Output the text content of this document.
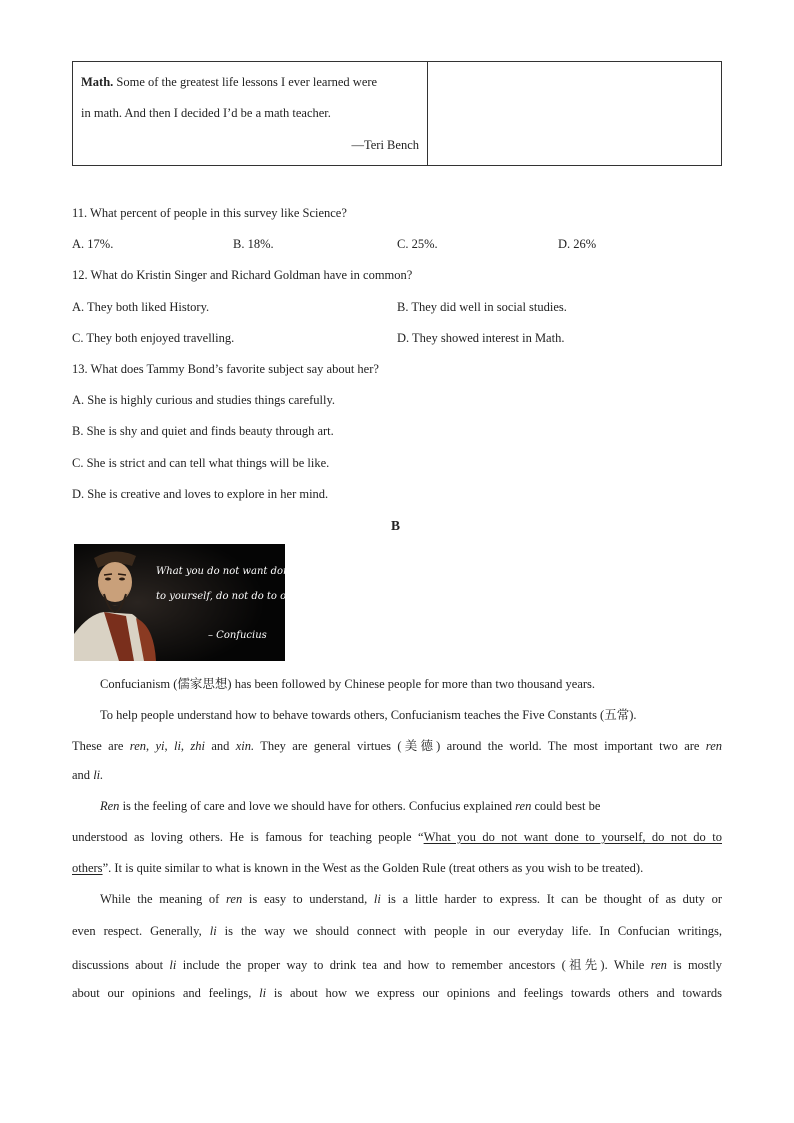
Math. Some of the greatest life lessons I ever learned were
in math. And then I decided I’d be a math teacher.
—Teri Bench

11. What percent of people in this survey like Science?
A. 17%.	B. 18%.	C. 25%.	D. 26%
12. What do Kristin Singer and Richard Goldman have in common?
A. They both liked History.	B. They did well in social studies.
C. They both enjoyed travelling.	D. They showed interest in Math.
13. What does Tammy Bond’s favorite subject say about her?
A. She is highly curious and studies things carefully.
B. She is shy and quiet and finds beauty through art.
C. She is strict and can tell what things will be like.
D. She is creative and loves to explore in her mind.
B
What you do not want done
to yourself, do not do to others.
– Confucius
Confucianism (儒家思想) has been followed by Chinese people for more than two thousand years.
To help people understand how to behave towards others, Confucianism teaches the Five Constants (五常).
These are ren, yi, li, zhi and xin. They are general virtues (美德) around the world. The most important two are ren
and li.
Ren is the feeling of care and love we should have for others. Confucius explained ren could best be
understood as loving others. He is famous for teaching people “What you do not want done to yourself, do not do to
others”. It is quite similar to what is known in the West as the Golden Rule (treat others as you wish to be treated).
While the meaning of ren is easy to understand, li is a little harder to express. It can be thought of as duty or
even respect. Generally, li is the way we should connect with people in our everyday life. In Confucian writings,
discussions about li include the proper way to drink tea and how to remember ancestors (祖先). While ren is mostly
about our opinions and feelings, li is about how we express our opinions and feelings towards others and towards
